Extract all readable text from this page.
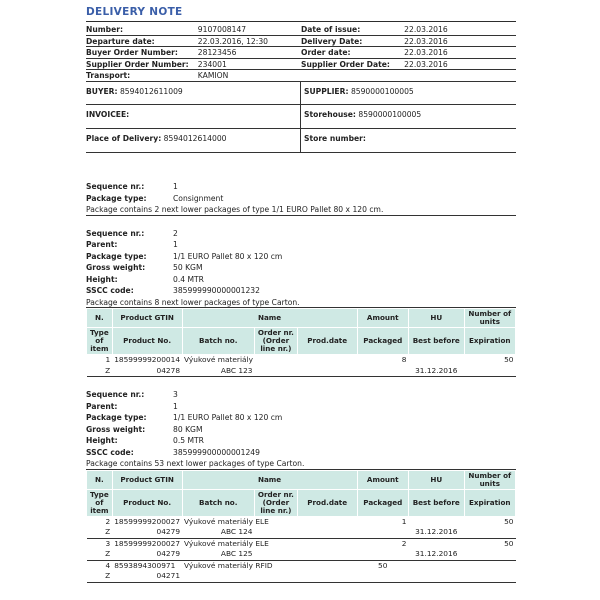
DELIVERY NOTE
Number:	9107008147	Date of issue:	22.03.2016
Departure date:	22.03.2016, 12:30	Delivery Date:	22.03.2016
Buyer Order Number:	28123456	Order date:	22.03.2016
Supplier Order Number:	234001	Supplier Order Date:	22.03.2016
Transport:	KAMION
BUYER: 8594012611009	SUPPLIER: 8590000100005
INVOICEE:	Storehouse: 8590000100005
Place of Delivery: 8594012614000	Store number:
Sequence nr.:	1
Package type:	Consignment
Package contains 2 next lower packages of type 1/1 EURO Pallet 80 x 120 cm.
Sequence nr.:	2
Parent:	1
Package type:	1/1 EURO Pallet 80 x 120 cm
Gross weight:	50 KGM
Height:	0.4 MTR
SSCC code:	385999990000001232
Package contains 8 next lower packages of type Carton.
N.	Product GTIN	Name			Amount	HU	Number of units
Type of item	Product No.	Batch no.	Order nr. (Order line nr.)	Prod.date	Packaged	Best before	Expiration
1	18599999200014	Výukové materiály			8		50
Z	04278	ABC 123				31.12.2016	
Sequence nr.:	3
Parent:	1
Package type:	1/1 EURO Pallet 80 x 120 cm
Gross weight:	80 KGM
Height:	0.5 MTR
SSCC code:	385999900000001249
Package contains 53 next lower packages of type Carton.
N.	Product GTIN	Name			Amount	HU	Number of units
Type of item	Product No.	Batch no.	Order nr. (Order line nr.)	Prod.date	Packaged	Best before	Expiration
2	18599999200027	Výukové materiály ELE			1		50
Z	04279	ABC 124				31.12.2016	
3	18599999200027	Výukové materiály ELE			2		50
Z	04279	ABC 125				31.12.2016	
4	8593894300971	Výukové materiály RFID			50		
Z	04271						
